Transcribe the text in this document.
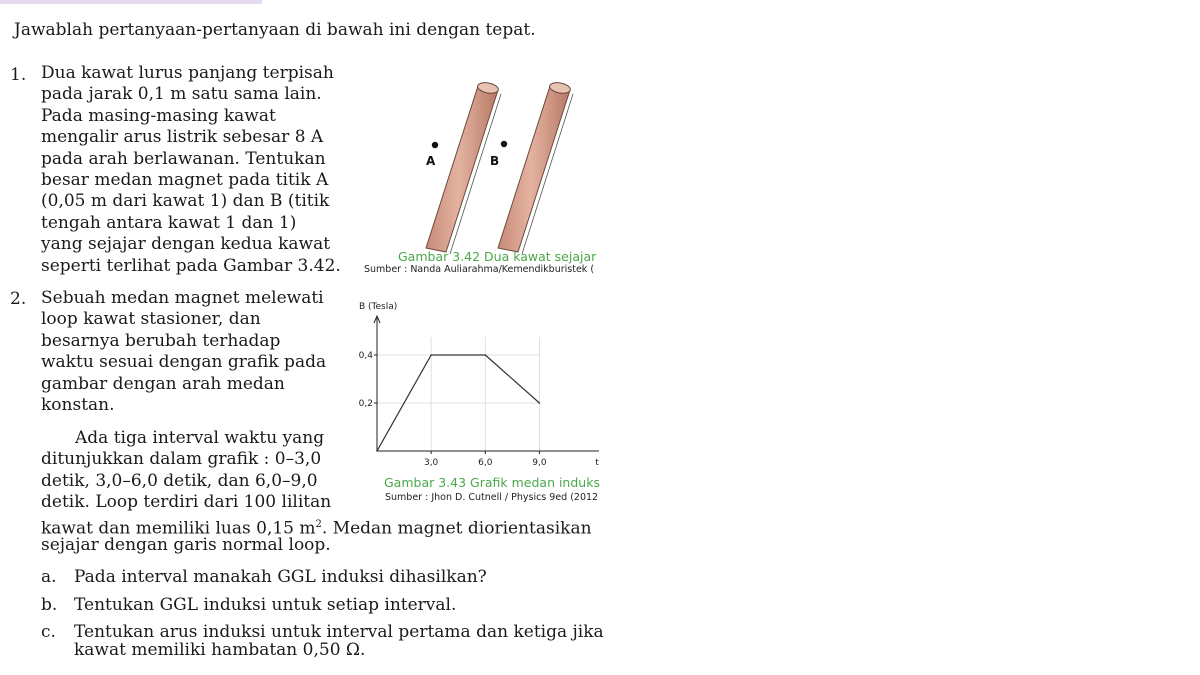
Jawablah pertanyaan-pertanyaan di bawah ini dengan tepat.
1. Dua kawat lurus panjang terpisah
pada jarak 0,1 m satu sama lain.
Pada masing-masing kawat
mengalir arus listrik sebesar 8 A
pada arah berlawanan. Tentukan
besar medan magnet pada titik A
(0,05 m dari kawat 1) dan B (titik
tengah antara kawat 1 dan 1)
yang sejajar dengan kedua kawat
seperti terlihat pada Gambar 3.42.
A	B
Gambar 3.42 Dua kawat sejajar
Sumber : Nanda Auliarahma/Kemendikburistek (
2. Sebuah medan magnet melewati
loop kawat stasioner, dan
besarnya berubah terhadap
waktu sesuai dengan grafik pada
gambar dengan arah medan
konstan.
Ada tiga interval waktu yang
ditunjukkan dalam grafik : 0–3,0
detik, 3,0–6,0 detik, dan 6,0–9,0
detik. Loop terdiri dari 100 lilitan
kawat dan memiliki luas 0,15 $m^2$. Medan magnet diorientasikan
sejajar dengan garis normal loop.
3,0	6,0	9,0
0,2
0,4
B (Tesla)
t
Gambar 3.43 Grafik medan induks
Sumber : Jhon D. Cutnell / Physics 9ed (2012
a. Pada interval manakah GGL induksi dihasilkan?
b. Tentukan GGL induksi untuk setiap interval.
c. Tentukan arus induksi untuk interval pertama dan ketiga jika
kawat memiliki hambatan 0,50 Ω.
